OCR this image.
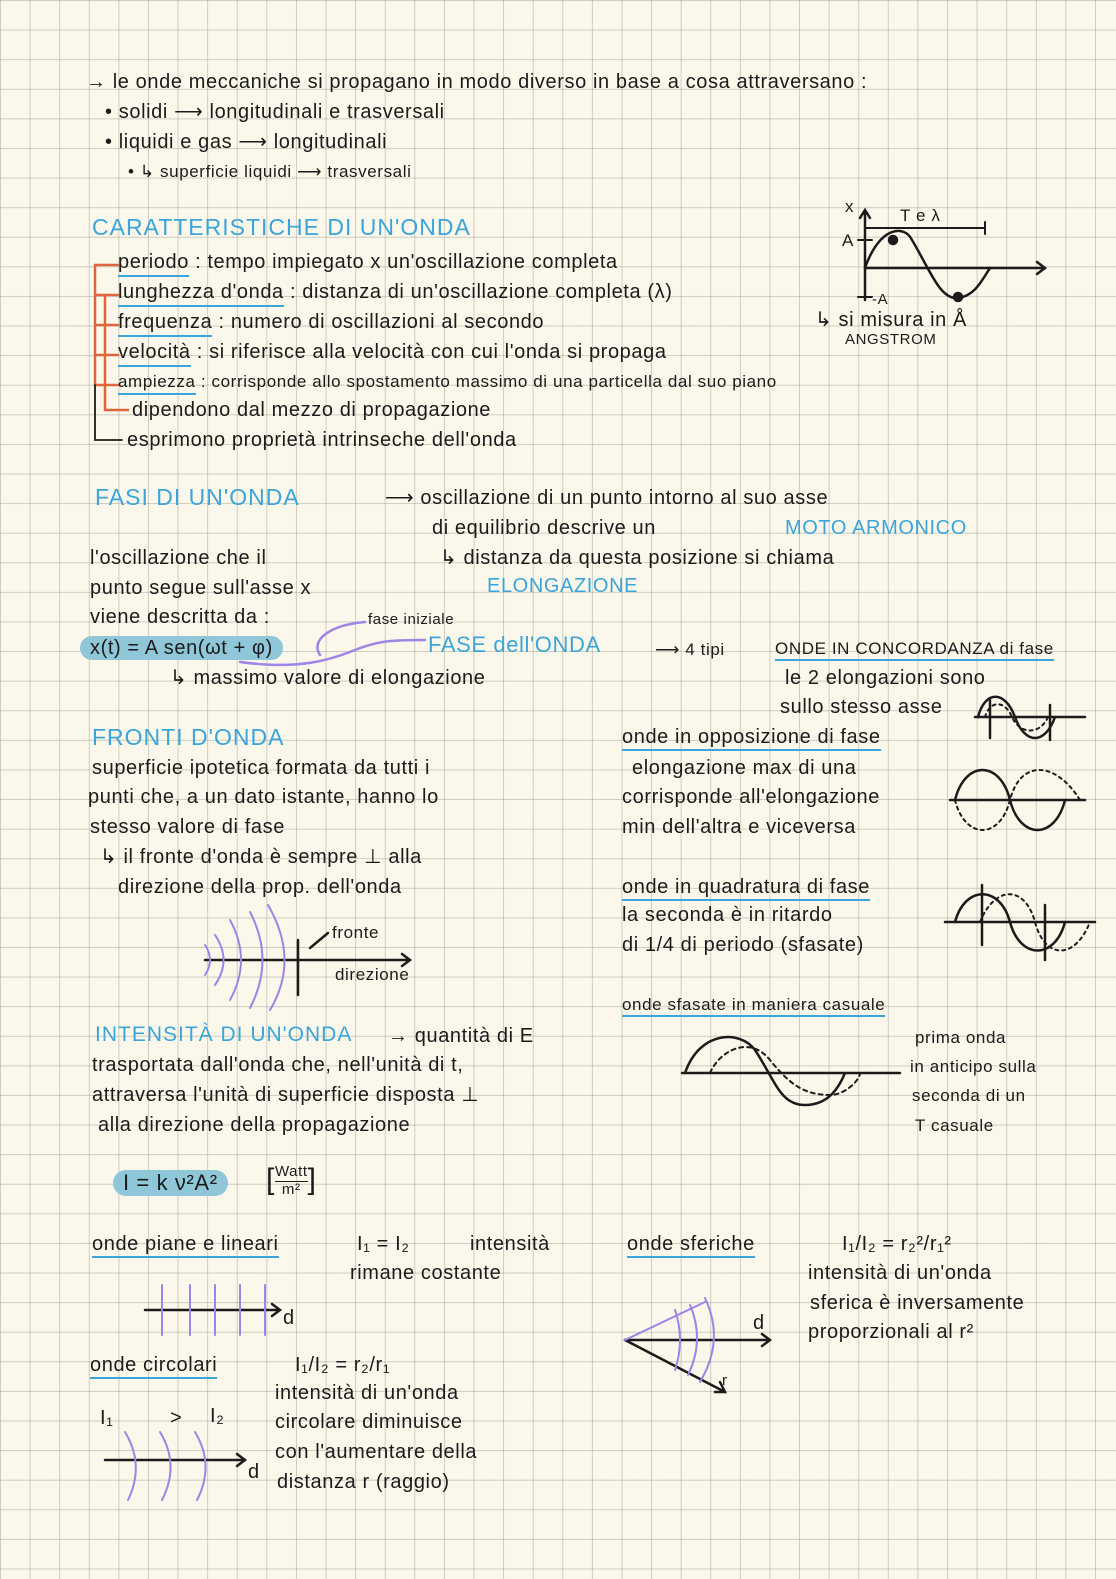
→ le onde meccaniche si propagano in modo diverso in base a cosa attraversano :
• solidi ⟶ longitudinali e trasversali
• liquidi e gas ⟶ longitudinali
• ↳ superficie liquidi ⟶ trasversali
CARATTERISTICHE DI UN'ONDA
periodo : tempo impiegato x un'oscillazione completa
lunghezza d'onda : distanza di un'oscillazione completa (λ)
frequenza : numero di oscillazioni al secondo
velocità : si riferisce alla velocità con cui l'onda si propaga
ampiezza : corrisponde allo spostamento massimo di una particella dal suo piano
dipendono dal mezzo di propagazione
esprimono proprietà intrinseche dell'onda
x	T e λ
A
-A
↳ si misura in Å
ANGSTROM
FASI DI UN'ONDA	⟶ oscillazione di un punto intorno al suo asse
di equilibrio descrive un	MOTO ARMONICO
↳ distanza da questa posizione si chiama
ELONGAZIONE
l'oscillazione che il
punto segue sull'asse x
viene descritta da :	fase iniziale
x(t) = A sen(ωt + φ)	FASE dell'ONDA
↳ massimo valore di elongazione
⟶ 4 tipi	ONDE IN CONCORDANZA di fase
le 2 elongazioni sono
sullo stesso asse
onde in opposizione di fase
elongazione max di una
corrisponde all'elongazione
min dell'altra e viceversa
onde in quadratura di fase
la seconda è in ritardo
di 1/4 di periodo (sfasate)
onde sfasate in maniera casuale
prima onda
in anticipo sulla
seconda di un
T casuale
FRONTI D'ONDA
superficie ipotetica formata da tutti i
punti che, a un dato istante, hanno lo
stesso valore di fase
↳ il fronte d'onda è sempre ⊥ alla
direzione della prop. dell'onda
fronte
direzione
INTENSITÀ DI UN'ONDA → quantità di E
trasportata dall'onda che, nell'unità di t,
attraversa l'unità di superficie disposta ⊥
alla direzione della propagazione
I = k ν²A²	[ $\frac{\text{Watt}}{\text{m²}}$ ]
onde piane e lineari	I₁ = I₂	intensità
rimane costante
d
onde sferiche	I₁/I₂ = r₂²/r₁²
intensità di un'onda
sferica è inversamente
proporzionali al r²
d
r
onde circolari	I₁/I₂ = r₂/r₁
intensità di un'onda
circolare diminuisce
con l'aumentare della
distanza r (raggio)
I₁	> I₂
d
